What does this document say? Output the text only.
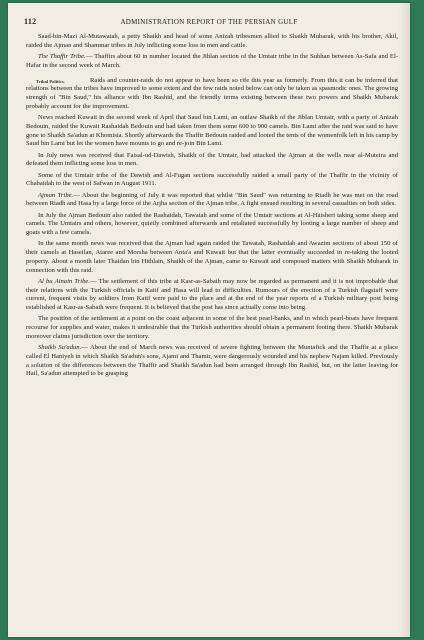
112	ADMINISTRATION REPORT OF THE PERSIAN GULF

Saad-bin-Mazi Al-Mutawatah, a petty Shaikh and head of some Anizah tribesmen allied to Shaikh Mubarak, with his brother, Akil, raided the Ajman and Shammar tribes in July inflicting some loss in men and cattle.

The Thaffir Tribe.— Thaffirs about 60 in number located the Jiblan section of the Umtair tribe in the Subhan between As-Safa and El-Hafar in the second week of March.

Tribal Politics.	Raids and counter-raids do not appear to have been so rife this year as formerly. From this it can be inferred that relations between the tribes have improved to some extent and the few raids noted below can only be taken as spasmodic ones. The growing strength of "Bin Saud," his alliance with Ibn Rashid, and the friendly terms existing between these two powers and Shaikh Mubarak probably account for the improvement.

News reached Kuwait in the second week of April that Saud bin Lami, an outlaw Shaikh of the Jiblan Umtair, with a party of Anizah Bedouin, raided the Kuwait Rashaidah Bedouin and had taken from them some 600 to 900 camels. Bin Lami after the raid was said to have gone to Shaikh Sa'adun at Khomisia. Shortly afterwards the Thaffir Bedouin raided and looted the tents of the womenfolk left in his camp by Saud bin Lami but let the women have mounts to go and re-join Bin Lami.

In July news was received that Faisal-ud-Dawish, Shaikh of the Umtair, had attacked the Ajman at the wells near al-Muteira and defeated them inflicting some loss in men.

Some of the Umtair tribe of the Dawish and Al-Fugan sections successfully raided a small party of the Thaffir in the vicinity of Chabaidah to the west of Safwan in August 1911.

Ajman Tribe.— About the beginning of July it was reported that whilst "Bin Saud" was returning to Riadh he was met on the road between Riadh and Hasa by a large force of the Arjha section of the Ajman tribe. A fight ensued resulting in several casualties on both sides.

In July the Ajman Bedouin also raided the Rashaidah, Tawatah and some of the Umtair sections at Al-Haisheri taking some sheep and camels. The Umtairs and others, however, quietly combined afterwards and retaliated successfully by looting a large number of sheep and goats with a few camels.

In the same month news was received that the Ajman had again raided the Tawatah, Rashaidah and Awazim sections of about 150 of their camels at Haseilan, Ataree and Morsha between Anta'a and Kuwait but that the latter eventually succeeded in re-taking the looted property. About a month later Thaidan bin Hithlain, Shaikh of the Ajman, came to Kuwait and composed matters with Shaikh Mubarak in connection with this raid.

Al bu Ainain Tribe.— The settlement of this tribe at Kasr-as-Sabaih may now be regarded as permanent and it is not improbable that their relations with the Turkish officials in Katif and Hasa will lead to difficulties. Rumours of the erection of a Turkish flagstaff were current, frequent visits by soldiers from Katif were paid to the place and at the end of the year reports of a Turkish military post being established at Kasr-as-Sabaih were frequent. It is believed that the post has since actually come into being.

The position of the settlement at a point on the coast adjacent to some of the best pearl-banks, and to which pearl-boats have frequent recourse for supplies and water, makes it undesirable that the Turkish authorities should obtain a permanent footing there. Shaikh Mubarak moreover claims jurisdiction over the territory.

Shaikh Sa'adun.— About the end of March news was received of severe fighting between the Muntafick and the Thaffir at a place called El Haniyeh in which Shaikh Sa'adun's sons, Ajami and Thamir, were dangerously wounded and his nephew Najam killed. Previously a solution of the differences between the Thaffir and Shaikh Sa'adun had been arranged through Ibn Rashid, but, on the latter leaving for Hail, Sa'adun attempted to be grasping
